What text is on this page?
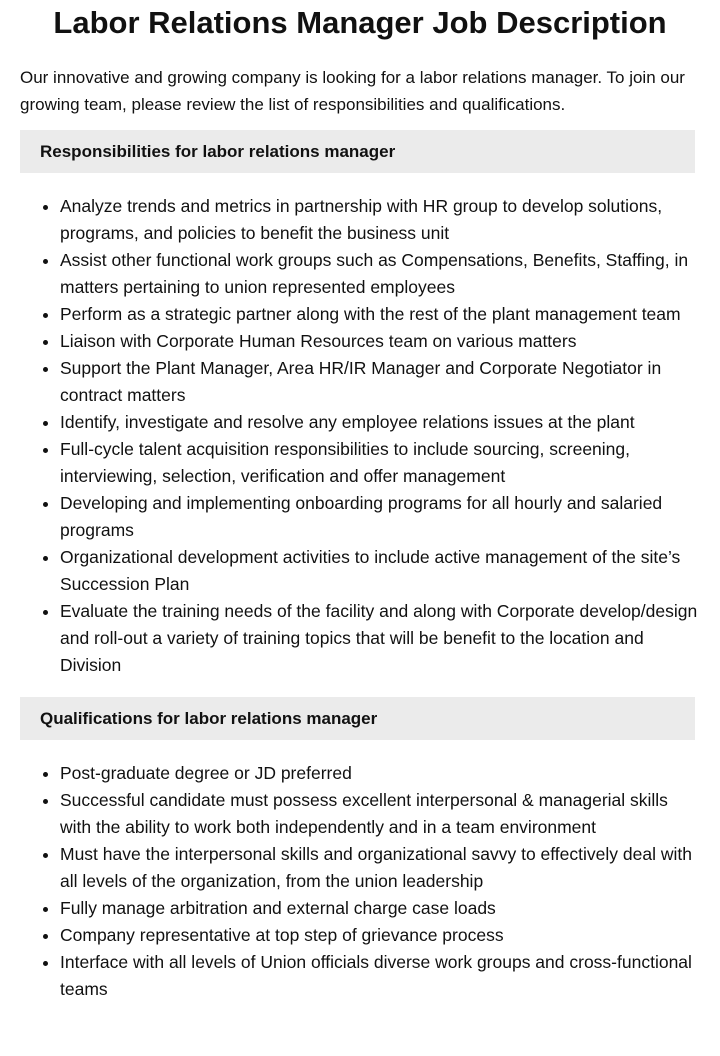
Labor Relations Manager Job Description

Our innovative and growing company is looking for a labor relations manager. To join our growing team, please review the list of responsibilities and qualifications.

Responsibilities for labor relations manager
• Analyze trends and metrics in partnership with HR group to develop solutions, programs, and policies to benefit the business unit
• Assist other functional work groups such as Compensations, Benefits, Staffing, in matters pertaining to union represented employees
• Perform as a strategic partner along with the rest of the plant management team
• Liaison with Corporate Human Resources team on various matters
• Support the Plant Manager, Area HR/IR Manager and Corporate Negotiator in contract matters
• Identify, investigate and resolve any employee relations issues at the plant
• Full-cycle talent acquisition responsibilities to include sourcing, screening, interviewing, selection, verification and offer management
• Developing and implementing onboarding programs for all hourly and salaried programs
• Organizational development activities to include active management of the site’s Succession Plan
• Evaluate the training needs of the facility and along with Corporate develop/design and roll-out a variety of training topics that will be benefit to the location and Division
Qualifications for labor relations manager
• Post-graduate degree or JD preferred
• Successful candidate must possess excellent interpersonal & managerial skills with the ability to work both independently and in a team environment
• Must have the interpersonal skills and organizational savvy to effectively deal with all levels of the organization, from the union leadership
• Fully manage arbitration and external charge case loads
• Company representative at top step of grievance process
• Interface with all levels of Union officials diverse work groups and cross-functional teams
